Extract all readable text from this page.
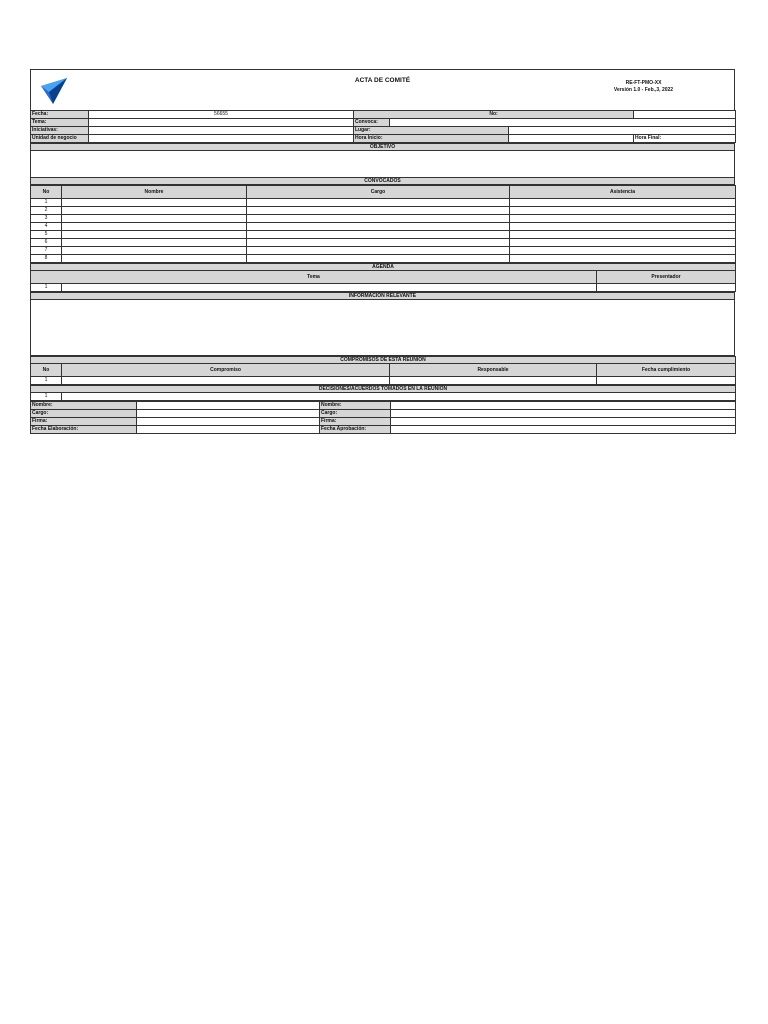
ACTA DE COMITÉ	RE-FT-PMO-XX
Versión 1.0 - Feb.,3, 2022
Fecha:	56655	No:			
Tema:		Convoca:			
Iniciativas:		Lugar:			
Unidad de negocio		Hora Inicio:			Hora Final:
OBJETIVO

CONVOCADOS
No	Nombre	Cargo	Asistencia
1			
2			
3			
4			
5			
6			
7			
8			
AGENDA		
Tema		Presentador
1		
INFORMACIÓN RELEVANTE

COMPROMISOS DE ESTA REUNIÓN			
No	Compromiso	Responsable	Fecha cumplimiento
1			
DECISIONES/ACUERDOS TOMADOS EN LA REUNIÓN
1	
Nombre:		Nombre:	
Cargo:		Cargo:	
Firma:		Firma:	
Fecha Elaboración:		Fecha Aprobación:	
